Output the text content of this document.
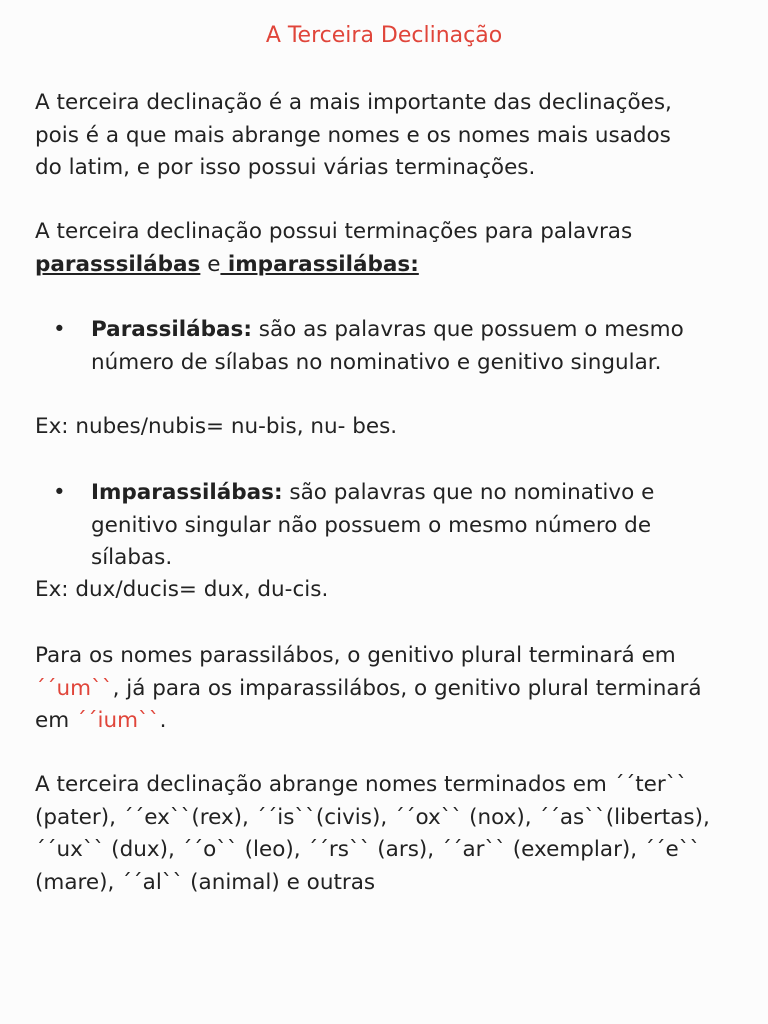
A Terceira Declinação

A terceira declinação é a mais importante das declinações,

pois é a que mais abrange nomes e os nomes mais usados

do latim, e por isso possui várias terminações.

A terceira declinação possui terminações para palavras

parasssilábas e imparassilábas:

• Parassilábas: são as palavras que possuem o mesmo

número de sílabas no nominativo e genitivo singular.

Ex: nubes/nubis= nu-bis, nu- bes.
• Imparassilábas: são palavras que no nominativo e

genitivo singular não possuem o mesmo número de

sílabas.

Ex: dux/ducis= dux, du-cis.

Para os nomes parassilábos, o genitivo plural terminará em

´´um``, já para os imparassilábos, o genitivo plural terminará

em ´´ium``.

A terceira declinação abrange nomes terminados em ´´ter``

(pater), ´´ex``(rex), ´´is``(civis), ´´ox`` (nox), ´´as``(libertas),

´´ux`` (dux), ´´o`` (leo), ´´rs`` (ars), ´´ar`` (exemplar), ´´e``

(mare), ´´al`` (animal) e outras
